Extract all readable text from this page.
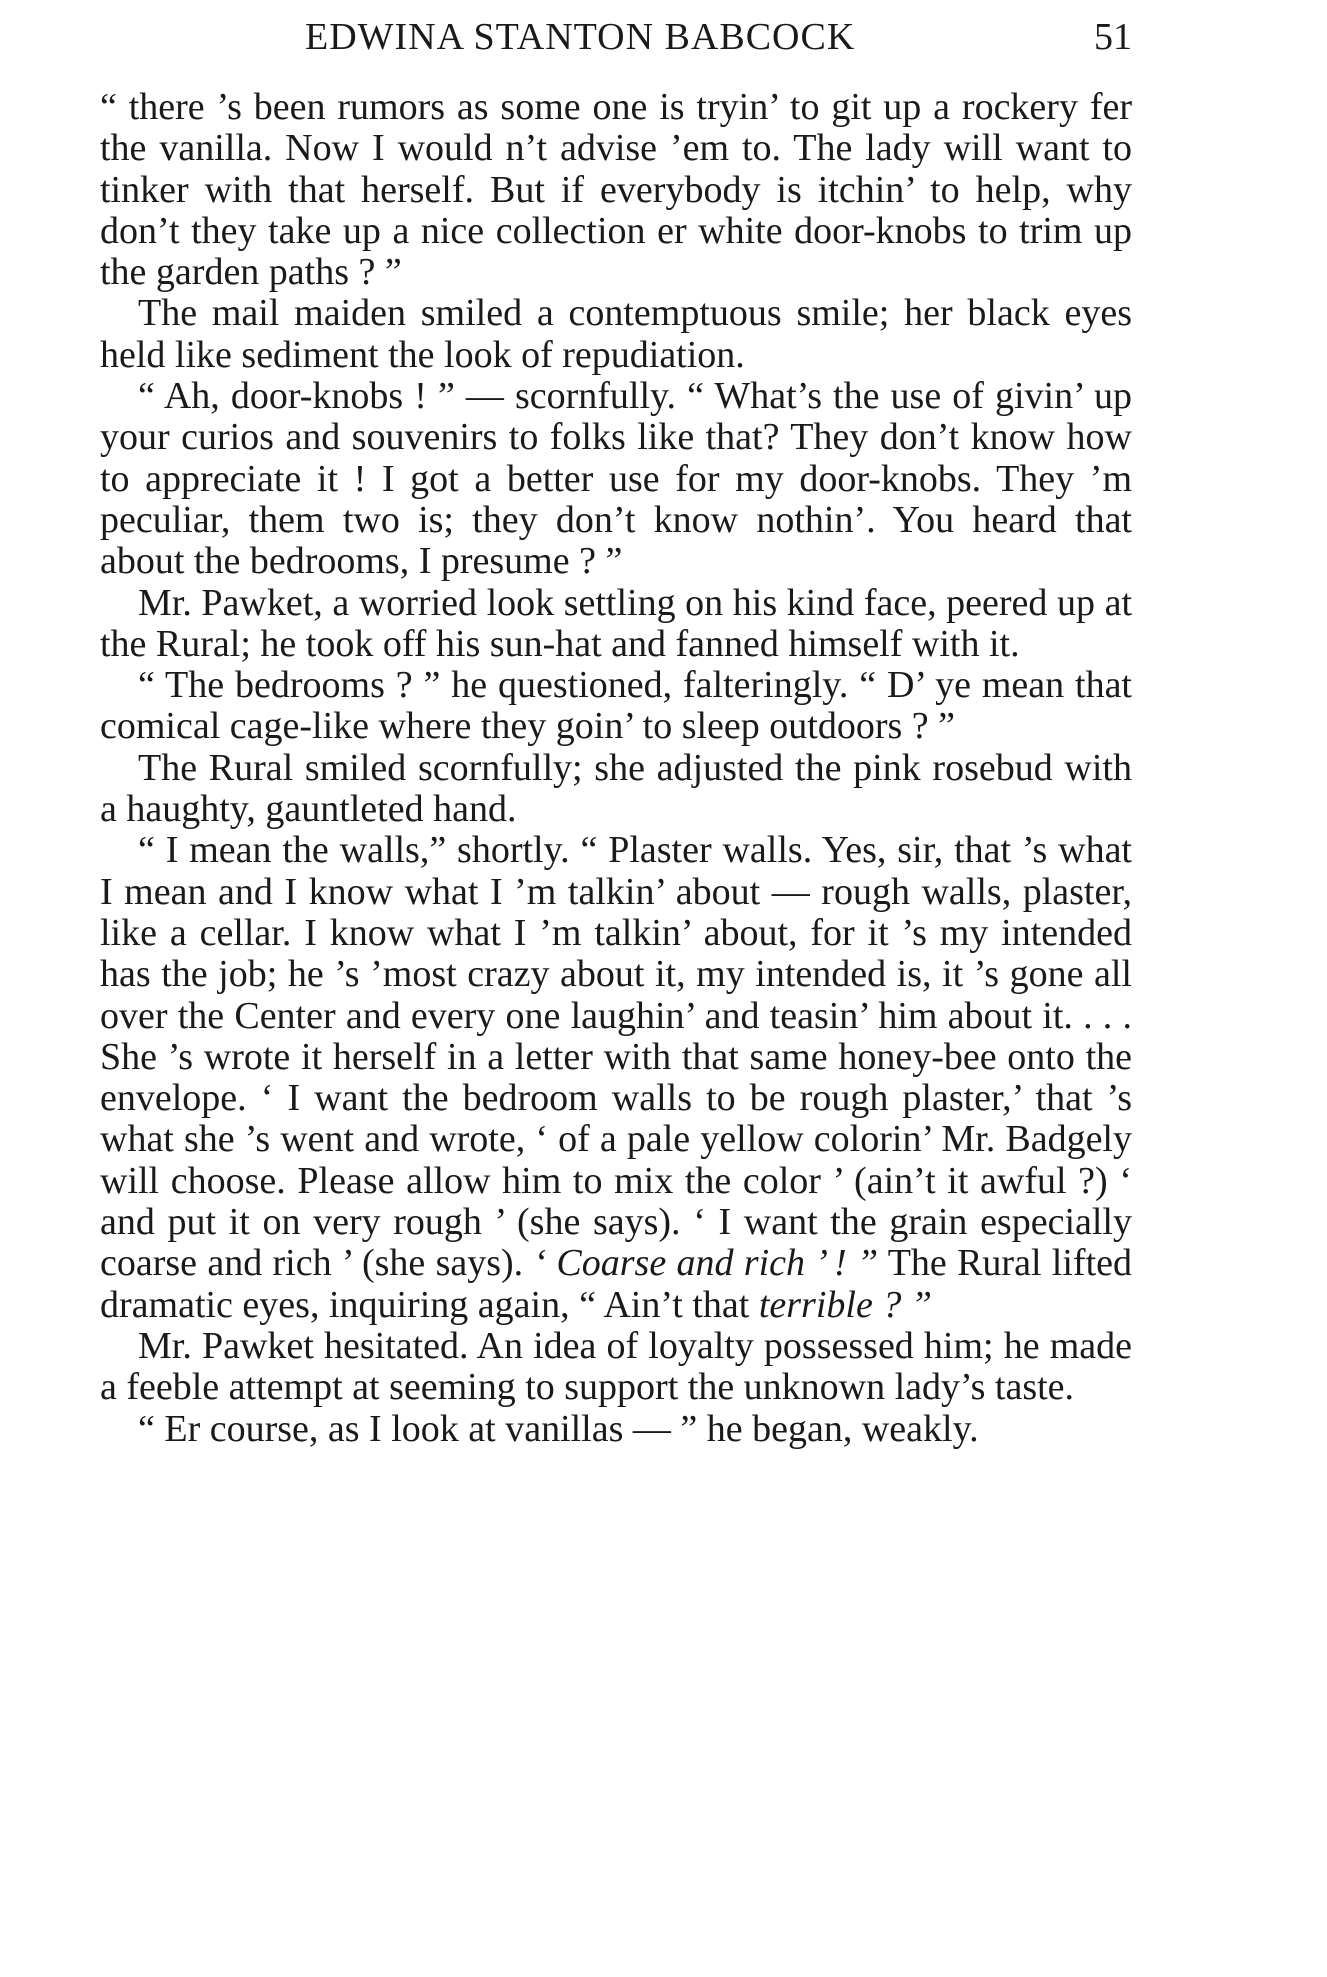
EDWINA STANTON BABCOCK	51

“ there ’s been rumors as some one is tryin’ to git up a rockery fer the vanilla. Now I would n’t advise ’em to. The lady will want to tinker with that herself. But if everybody is itchin’ to help, why don’t they take up a nice collection er white door-knobs to trim up the garden paths ? ”

The mail maiden smiled a contemptuous smile; her black eyes held like sediment the look of repudiation.

“ Ah, door-knobs ! ” — scornfully. “ What’s the use of givin’ up your curios and souvenirs to folks like that? They don’t know how to appreciate it ! I got a better use for my door-knobs. They ’m peculiar, them two is; they don’t know nothin’. You heard that about the bedrooms, I presume ? ”

Mr. Pawket, a worried look settling on his kind face, peered up at the Rural; he took off his sun-hat and fanned himself with it.

“ The bedrooms ? ” he questioned, falteringly. “ D’ ye mean that comical cage-like where they goin’ to sleep outdoors ? ”

The Rural smiled scornfully; she adjusted the pink rosebud with a haughty, gauntleted hand.

“ I mean the walls,” shortly. “ Plaster walls. Yes, sir, that ’s what I mean and I know what I ’m talkin’ about — rough walls, plaster, like a cellar. I know what I ’m talkin’ about, for it ’s my intended has the job; he ’s ’most crazy about it, my intended is, it ’s gone all over the Center and every one laughin’ and teasin’ him about it. . . . She ’s wrote it herself in a letter with that same honey-bee onto the envelope. ‘ I want the bedroom walls to be rough plaster,’ that ’s what she ’s went and wrote, ‘ of a pale yellow colorin’ Mr. Badgely will choose. Please allow him to mix the color ’ (ain’t it awful ?) ‘ and put it on very rough ’ (she says). ‘ I want the grain especially coarse and rich ’ (she says). ‘ Coarse and rich ’ ! ” The Rural lifted dramatic eyes, inquiring again, “ Ain’t that terrible ? ”

Mr. Pawket hesitated. An idea of loyalty possessed him; he made a feeble attempt at seeming to support the unknown lady’s taste.

“ Er course, as I look at vanillas — ” he began, weakly.
